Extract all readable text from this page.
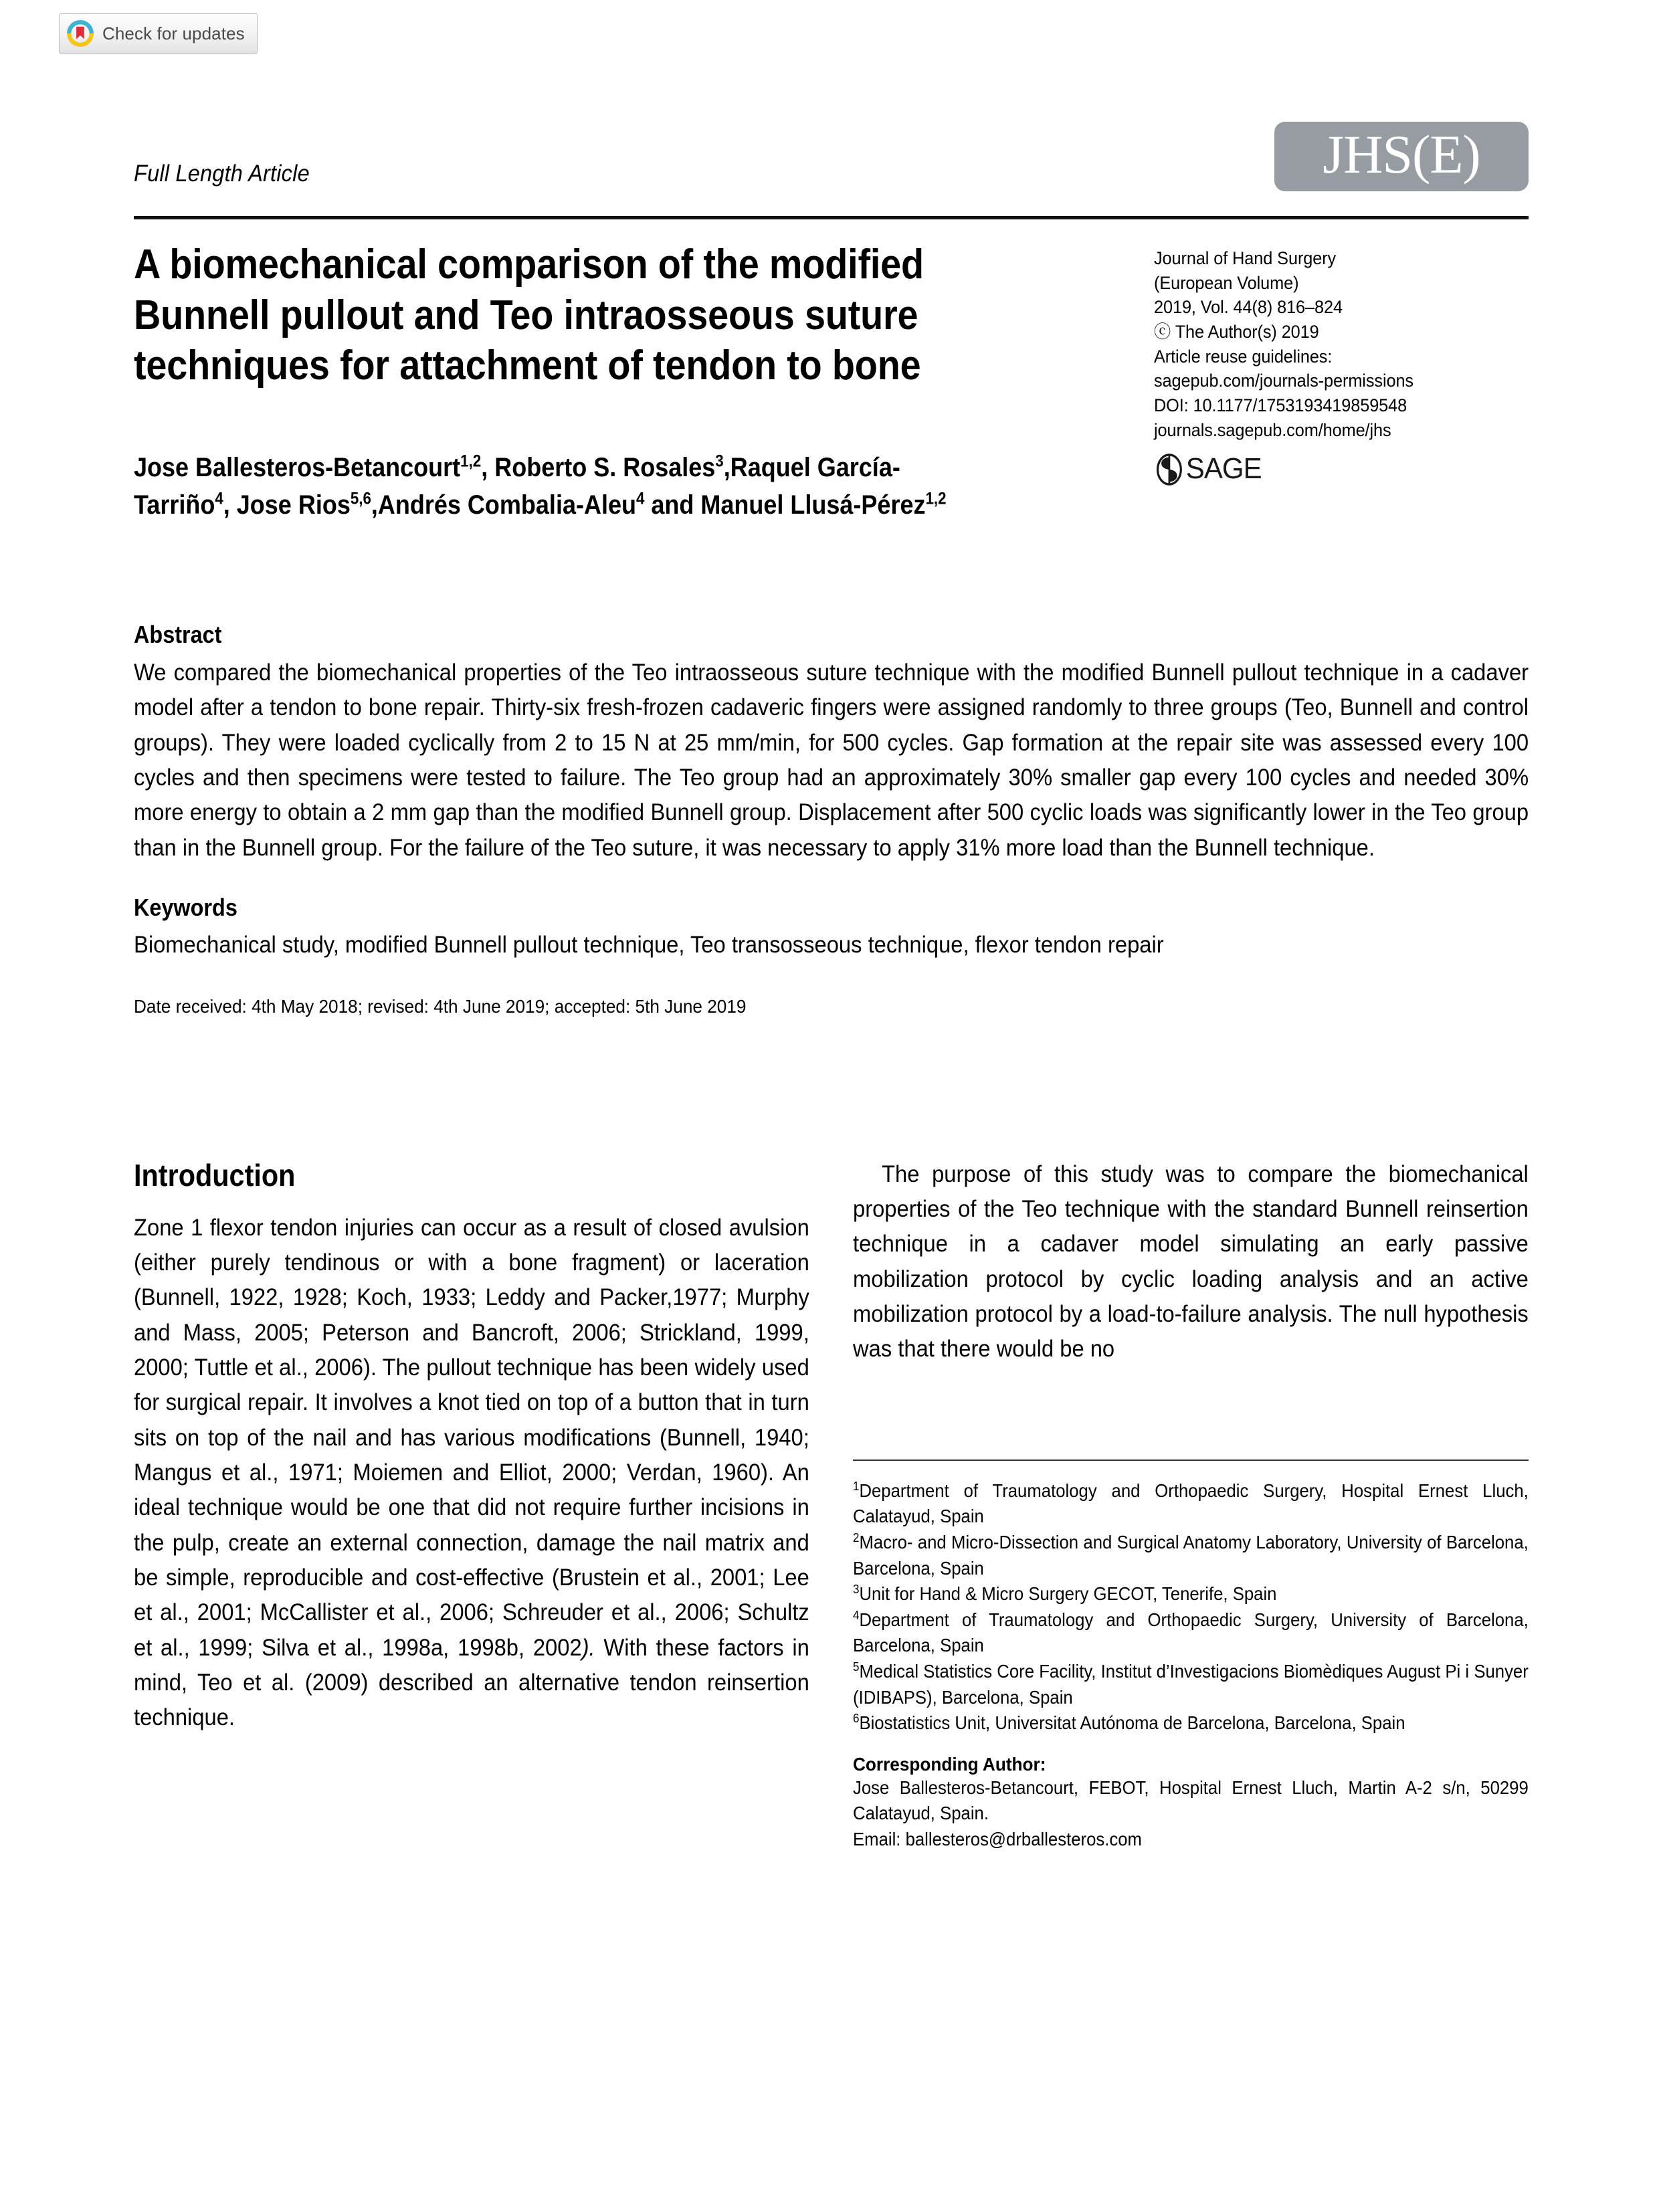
Check for updates
Full Length Article	JHS(E)
A biomechanical comparison of the modified Bunnell pullout and Teo intraosseous suture techniques for attachment of tendon to bone
Jose Ballesteros-Betancourt$^{1,2}$, Roberto S. Rosales$^3$,Raquel García-Tarriño$^4$, Jose Rios$^{5,6}$,Andrés Combalia-Aleu$^4$ and Manuel Llusá-Pérez$^{1,2}$
Journal of Hand Surgery
(European Volume)
2019, Vol. 44(8) 816–824
ⓒ The Author(s) 2019
Article reuse guidelines:
sagepub.com/journals-permissions
DOI: 10.1177/1753193419859548
journals.sagepub.com/home/jhs
SAGE
Abstract

We compared the biomechanical properties of the Teo intraosseous suture technique with the modified Bunnell pullout technique in a cadaver model after a tendon to bone repair. Thirty-six fresh-frozen cadaveric fingers were assigned randomly to three groups (Teo, Bunnell and control groups). They were loaded cyclically from 2 to 15 N at 25 mm/min, for 500 cycles. Gap formation at the repair site was assessed every 100 cycles and then specimens were tested to failure. The Teo group had an approximately 30% smaller gap every 100 cycles and needed 30% more energy to obtain a 2 mm gap than the modified Bunnell group. Displacement after 500 cyclic loads was significantly lower in the Teo group than in the Bunnell group. For the failure of the Teo suture, it was necessary to apply 31% more load than the Bunnell technique.

Keywords

Biomechanical study, modified Bunnell pullout technique, Teo transosseous technique, flexor tendon repair

Date received: 4th May 2018; revised: 4th June 2019; accepted: 5th June 2019
Introduction

Zone 1 flexor tendon injuries can occur as a result of closed avulsion (either purely tendinous or with a bone fragment) or laceration (Bunnell, 1922, 1928; Koch, 1933; Leddy and Packer,1977; Murphy and Mass, 2005; Peterson and Bancroft, 2006; Strickland, 1999, 2000; Tuttle et al., 2006). The pullout technique has been widely used for surgical repair. It involves a knot tied on top of a button that in turn sits on top of the nail and has various modifications (Bunnell, 1940; Mangus et al., 1971; Moiemen and Elliot, 2000; Verdan, 1960). An ideal technique would be one that did not require further incisions in the pulp, create an external connection, damage the nail matrix and be simple, reproducible and cost-effective (Brustein et al., 2001; Lee et al., 2001; McCallister et al., 2006; Schreuder et al., 2006; Schultz et al., 1999; Silva et al., 1998a, 1998b, 2002). With these factors in mind, Teo et al. (2009) described an alternative tendon reinsertion technique.

The purpose of this study was to compare the biomechanical properties of the Teo technique with the standard Bunnell reinsertion technique in a cadaver model simulating an early passive mobilization protocol by cyclic loading analysis and an active mobilization protocol by a load-to-failure analysis. The null hypothesis was that there would be no

$^1$Department of Traumatology and Orthopaedic Surgery, Hospital Ernest Lluch, Calatayud, Spain
$^2$Macro- and Micro-Dissection and Surgical Anatomy Laboratory, University of Barcelona, Barcelona, Spain
$^3$Unit for Hand & Micro Surgery GECOT, Tenerife, Spain
$^4$Department of Traumatology and Orthopaedic Surgery, University of Barcelona, Barcelona, Spain
$^5$Medical Statistics Core Facility, Institut d’Investigacions Biomèdiques August Pi i Sunyer (IDIBAPS), Barcelona, Spain
$^6$Biostatistics Unit, Universitat Autónoma de Barcelona, Barcelona, Spain
Corresponding Author:

Jose Ballesteros-Betancourt, FEBOT, Hospital Ernest Lluch, Martin A-2 s/n, 50299 Calatayud, Spain.

Email: ballesteros@drballesteros.com
